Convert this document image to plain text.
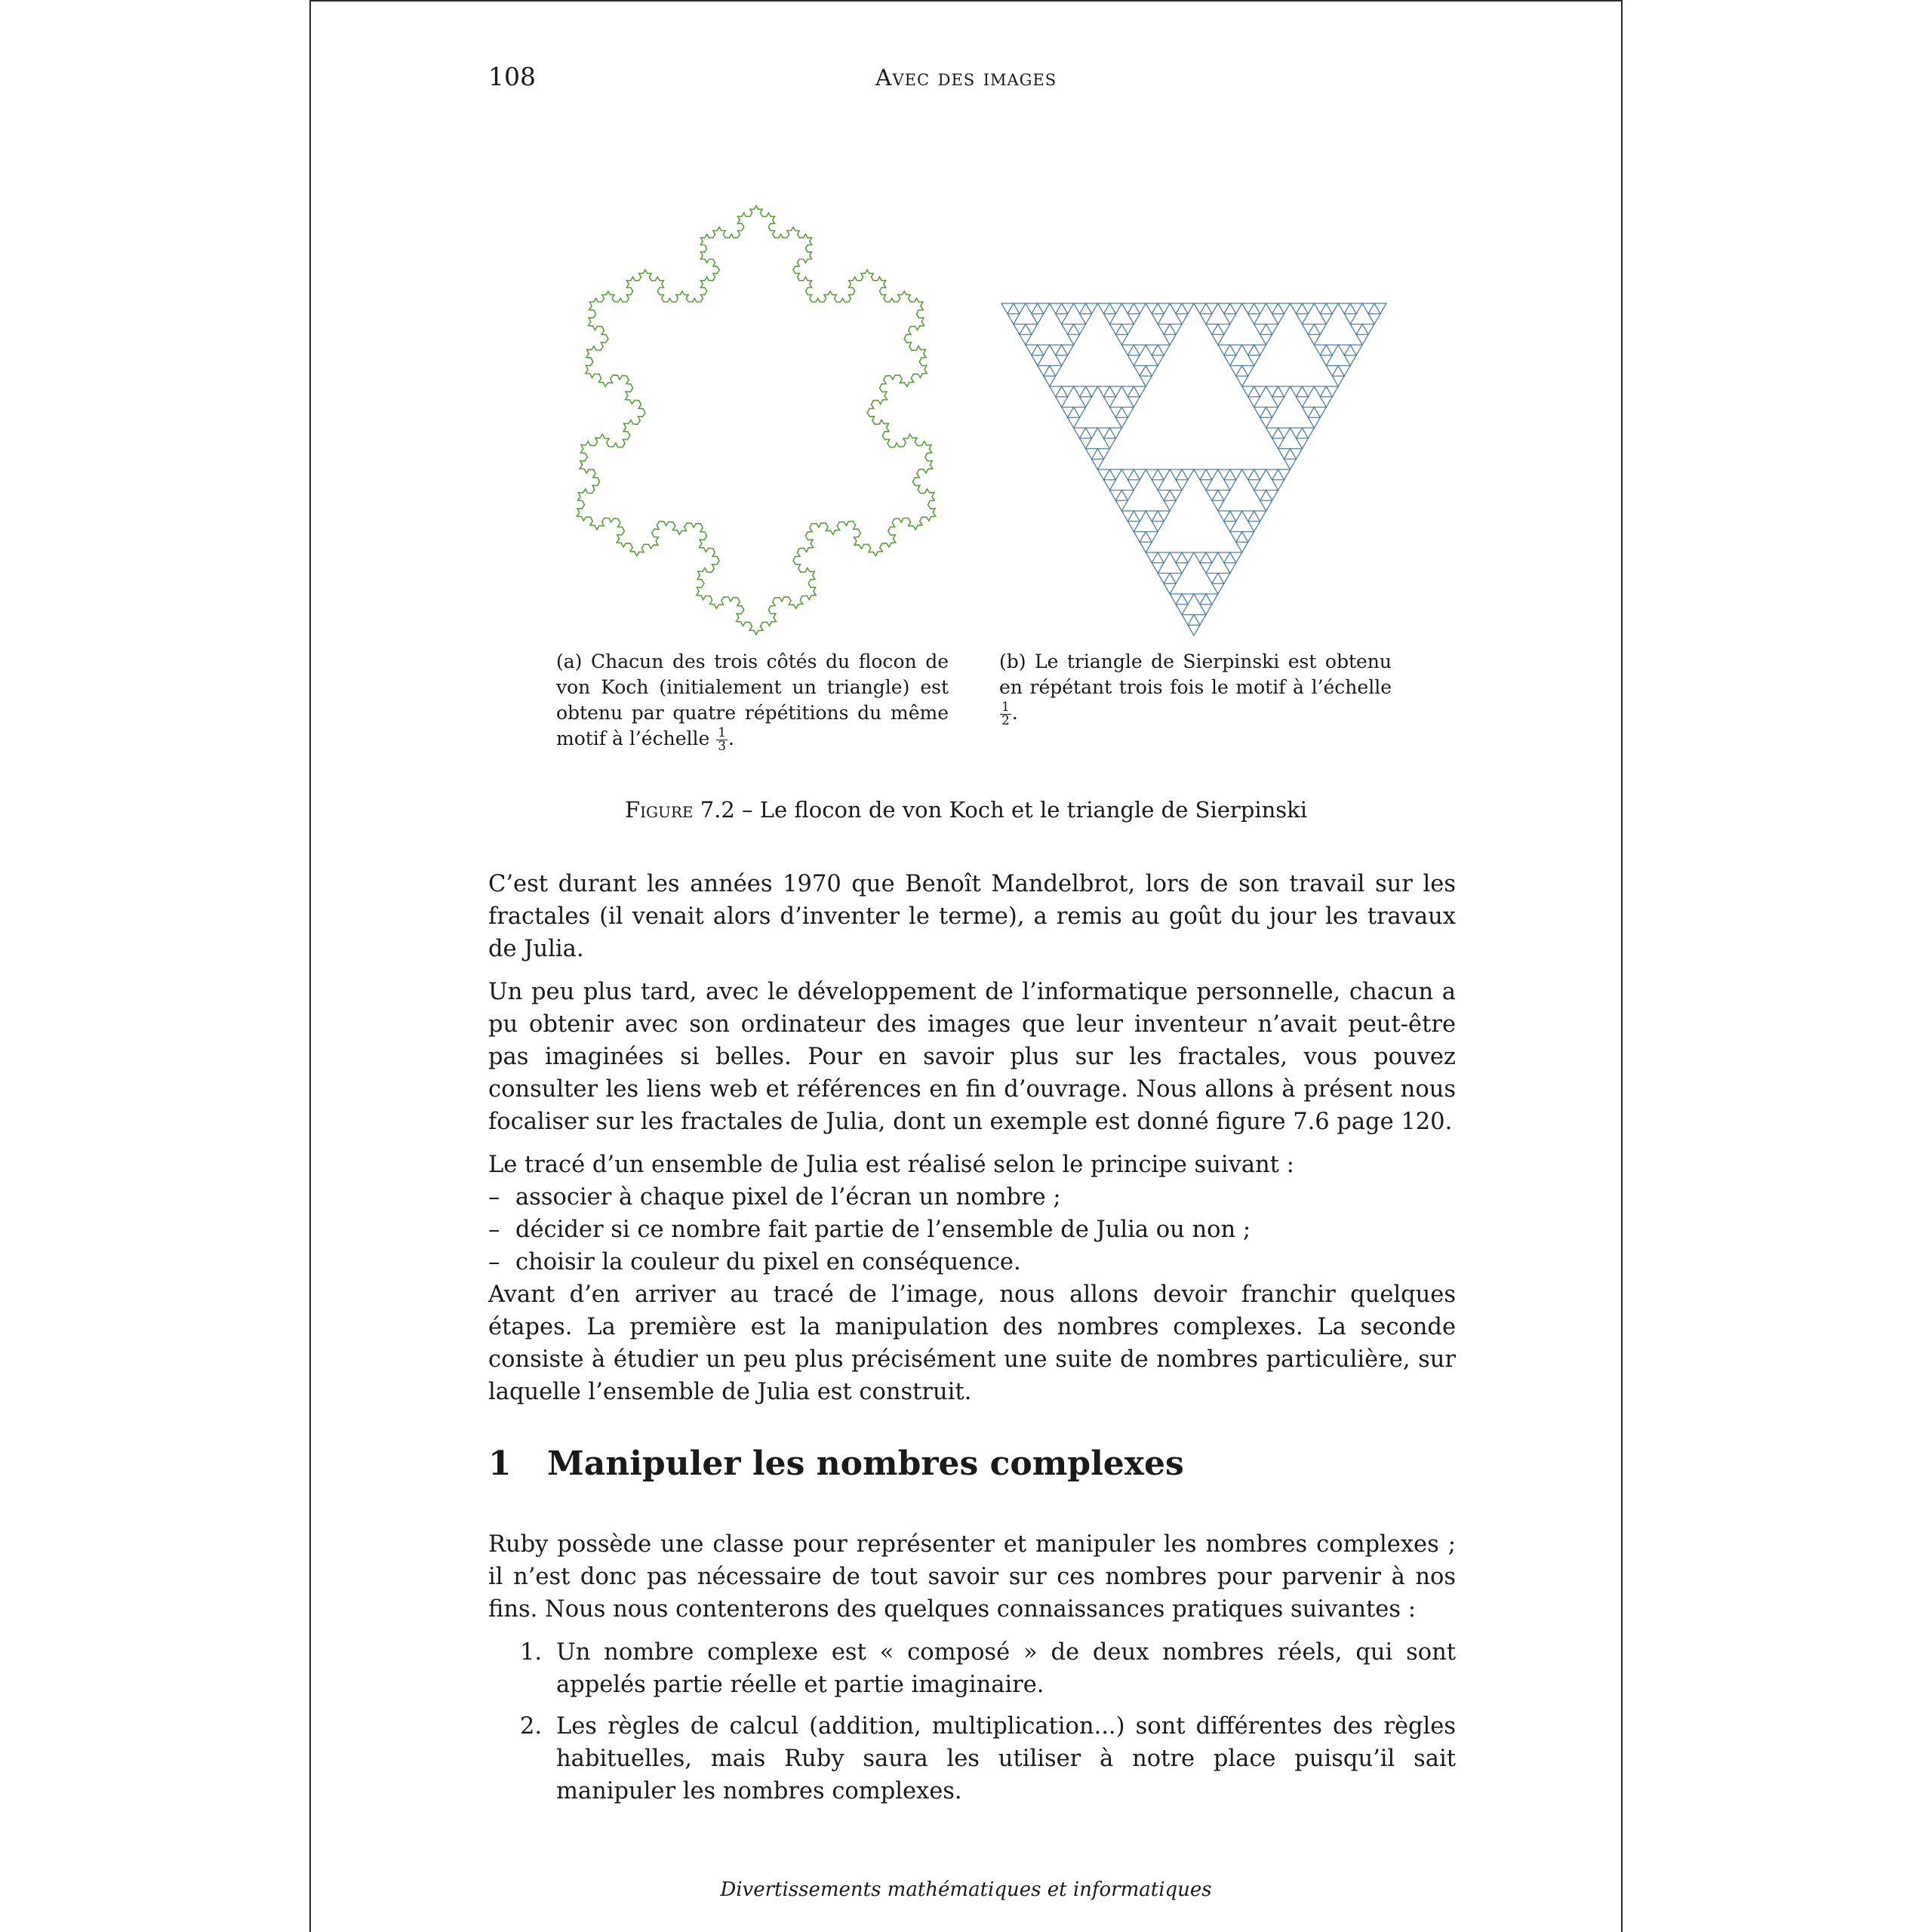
108	Avec des images
(a) Chacun des trois côtés du flocon de von Koch (initialement un triangle) est obtenu par quatre répétitions du même motif à l’échelle $\frac{1}{3}$ .
(b) Le triangle de Sierpinski est obtenu en répétant trois fois le motif à l’échelle
$\frac{1}{2}$ .
Figure 7.2 – Le flocon de von Koch et le triangle de Sierpinski

C’est durant les années 1970 que Benoît Mandelbrot, lors de son travail sur les fractales (il venait alors d’inventer le terme), a remis au goût du jour les travaux de Julia.

Un peu plus tard, avec le développement de l’informatique personnelle, chacun a pu obtenir avec son ordinateur des images que leur inventeur n’avait peut-être pas imaginées si belles. Pour en savoir plus sur les fractales, vous pouvez consulter les liens web et références en fin d’ouvrage. Nous allons à présent nous focaliser sur les fractales de Julia, dont un exemple est donné figure 7.6 page 120.

Le tracé d’un ensemble de Julia est réalisé selon le principe suivant :
– associer à chaque pixel de l’écran un nombre ;
– décider si ce nombre fait partie de l’ensemble de Julia ou non ;
– choisir la couleur du pixel en conséquence.

Avant d’en arriver au tracé de l’image, nous allons devoir franchir quelques étapes. La première est la manipulation des nombres complexes. La seconde consiste à étudier un peu plus précisément une suite de nombres particulière, sur laquelle l’ensemble de Julia est construit.

1 Manipuler les nombres complexes

Ruby possède une classe pour représenter et manipuler les nombres complexes ; il n’est donc pas nécessaire de tout savoir sur ces nombres pour parvenir à nos fins. Nous nous contenterons des quelques connaissances pratiques suivantes :

1. Un nombre complexe est « composé » de deux nombres réels, qui sont appelés partie réelle et partie imaginaire.
2. Les règles de calcul (addition, multiplication...) sont différentes des règles habituelles, mais Ruby saura les utiliser à notre place puisqu’il sait manipuler les nombres complexes.
Divertissements mathématiques et informatiques
